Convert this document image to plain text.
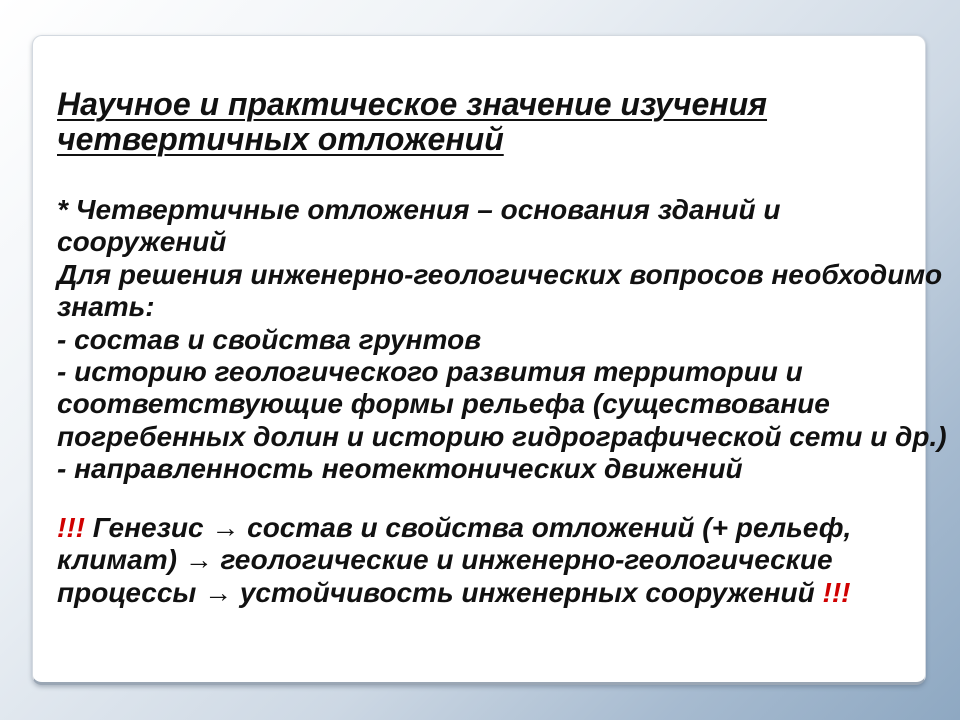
Научное и практическое значение изучения четвертичных отложений
* Четвертичные отложения – основания зданий и
сооружений
Для решения инженерно-геологических вопросов необходимо
знать:
- состав и свойства грунтов
- историю геологического развития территории и
соответствующие формы рельефа (существование
погребенных долин и историю гидрографической сети и др.)
- направленность неотектонических движений
!!! Генезис → состав и свойства отложений (+ рельеф,
климат) → геологические и инженерно-геологические
процессы → устойчивость инженерных сооружений !!!
